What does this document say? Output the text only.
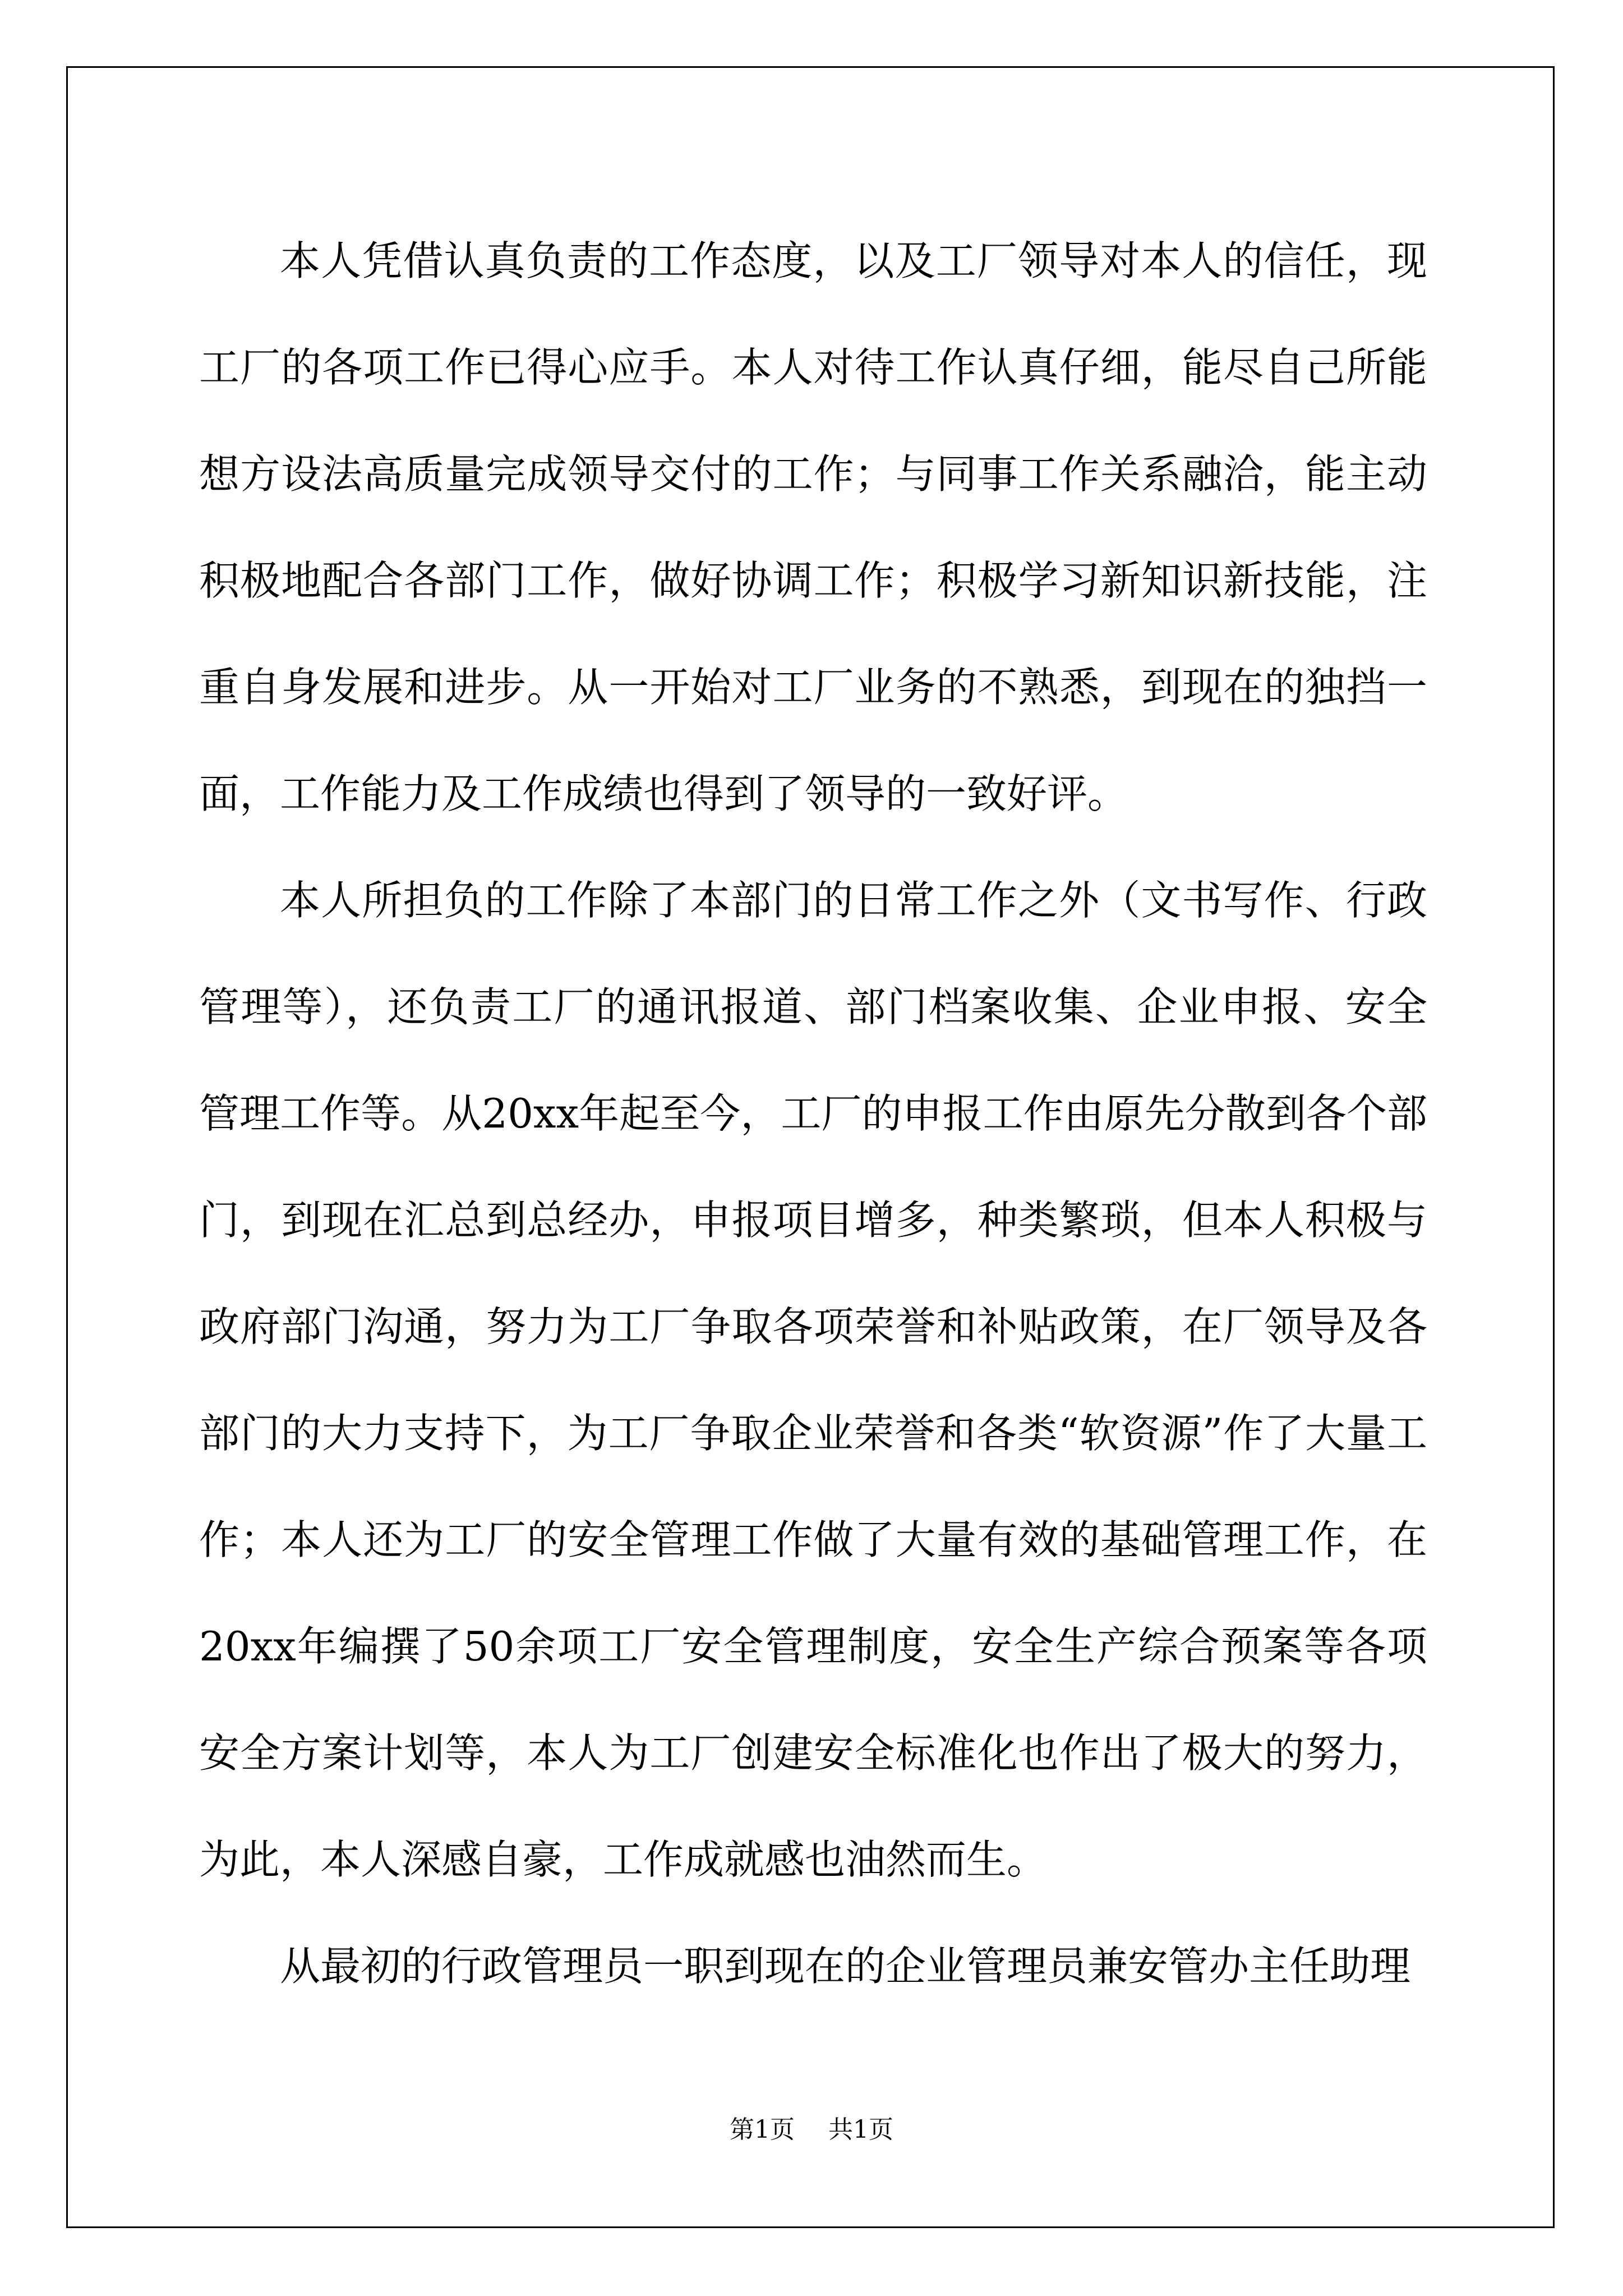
本人凭借认真负责的工作态度，以及工厂领导对本人的信任，现工厂的各项工作已得心应手。本人对待工作认真仔细，能尽自己所能想方设法高质量完成领导交付的工作；与同事工作关系融洽，能主动积极地配合各部门工作，做好协调工作；积极学习新知识新技能，注重自身发展和进步。从一开始对工厂业务的不熟悉，到现在的独挡一面，工作能力及工作成绩也得到了领导的一致好评。

本人所担负的工作除了本部门的日常工作之外（文书写作、行政管理等），还负责工厂的通讯报道、部门档案收集、企业申报、安全管理工作等。从20xx年起至今，工厂的申报工作由原先分散到各个部门，到现在汇总到总经办，申报项目增多，种类繁琐，但本人积极与政府部门沟通，努力为工厂争取各项荣誉和补贴政策，在厂领导及各部门的大力支持下，为工厂争取企业荣誉和各类“软资源”作了大量工作；本人还为工厂的安全管理工作做了大量有效的基础管理工作，在20xx年编撰了50余项工厂安全管理制度，安全生产综合预案等各项安全方案计划等，本人为工厂创建安全标准化也作出了极大的努力，为此，本人深感自豪，工作成就感也油然而生。

从最初的行政管理员一职到现在的企业管理员兼安管办主任助理

第1页 共1页
